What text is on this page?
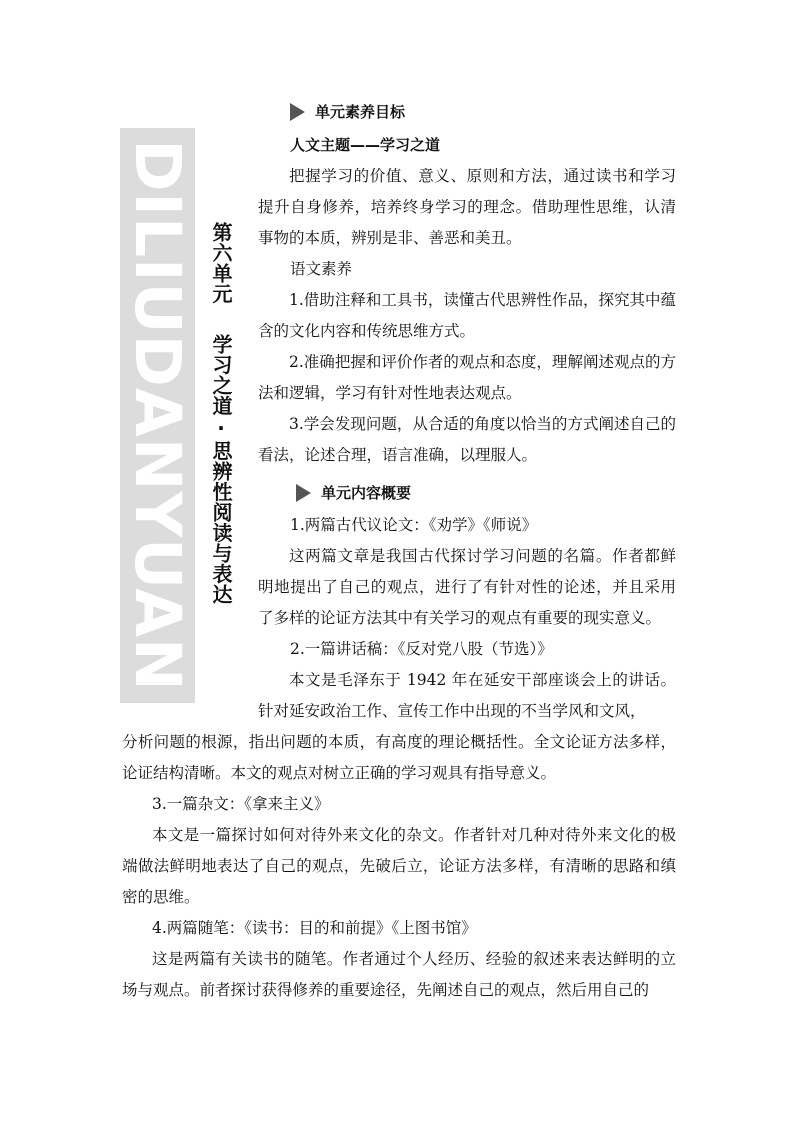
DILIUDANYUAN 第六单元学习之道·思辨性阅读与表达
单元素养目标
人文主题——学习之道
把握学习的价值、意义、原则和方法，通过读书和学习提升自身修养，培养终身学习的理念。借助理性思维，认清事物的本质，辨别是非、善恶和美丑。
语文素养
1.借助注释和工具书，读懂古代思辨性作品，探究其中蕴含的文化内容和传统思维方式。
2.准确把握和评价作者的观点和态度，理解阐述观点的方法和逻辑，学习有针对性地表达观点。
3.学会发现问题，从合适的角度以恰当的方式阐述自己的看法，论述合理，语言准确，以理服人。
单元内容概要
1.两篇古代议论文：《劝学》《师说》
这两篇文章是我国古代探讨学习问题的名篇。作者都鲜明地提出了自己的观点，进行了有针对性的论述，并且采用了多样的论证方法其中有关学习的观点有重要的现实意义。
2.一篇讲话稿：《反对党八股（节选）》
本文是毛泽东于 1942 年在延安干部座谈会上的讲话。针对延安政治工作、宣传工作中出现的不当学风和文风，
分析问题的根源，指出问题的本质，有高度的理论概括性。全文论证方法多样，论证结构清晰。本文的观点对树立正确的学习观具有指导意义。
3.一篇杂文：《拿来主义》
本文是一篇探讨如何对待外来文化的杂文。作者针对几种对待外来文化的极端做法鲜明地表达了自己的观点，先破后立，论证方法多样，有清晰的思路和缜密的思维。
4.两篇随笔：《读书：目的和前提》《上图书馆》
这是两篇有关读书的随笔。作者通过个人经历、经验的叙述来表达鲜明的立场与观点。前者探讨获得修养的重要途径，先阐述自己的观点，然后用自己的
